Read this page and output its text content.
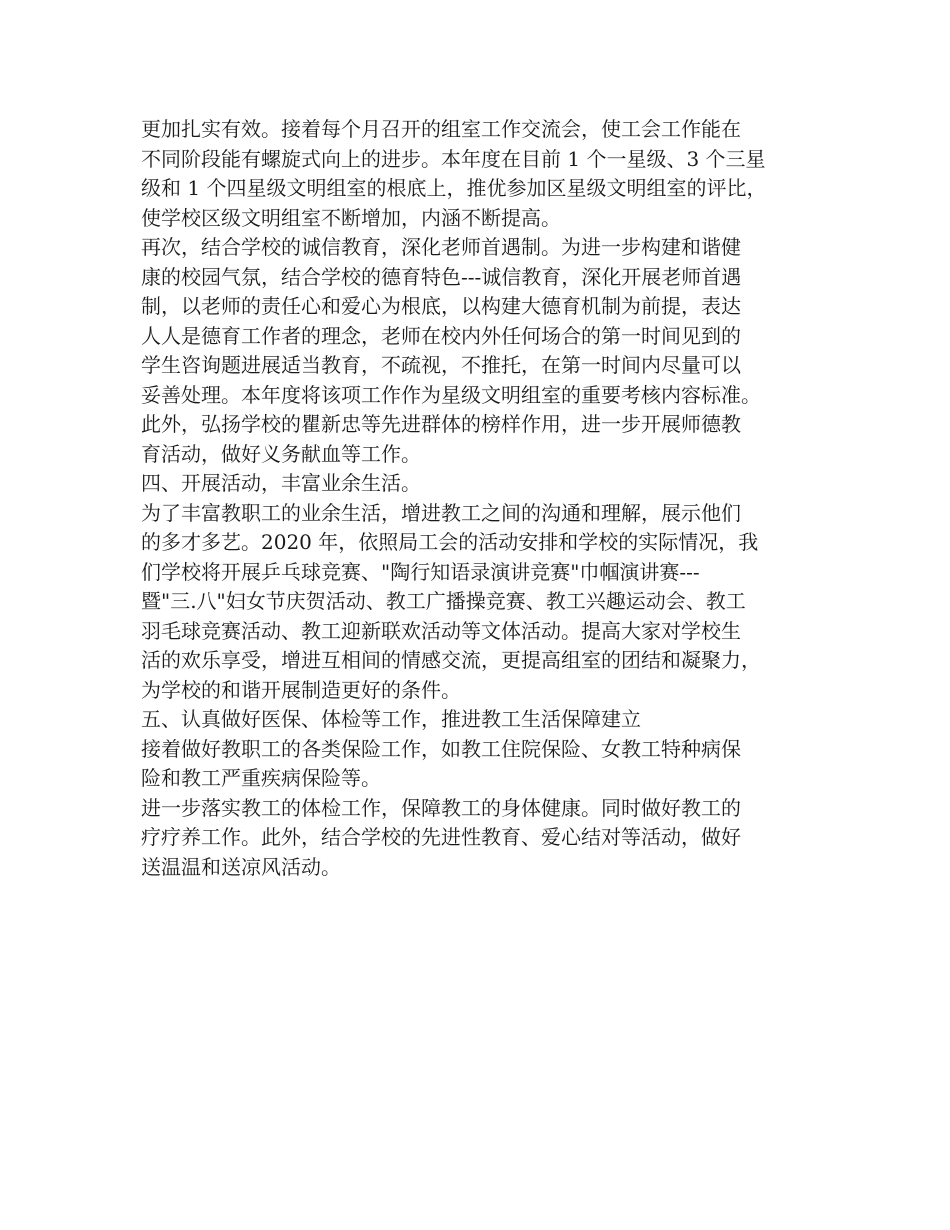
更加扎实有效。接着每个月召开的组室工作交流会，使工会工作能在
不同阶段能有螺旋式向上的进步。本年度在目前 1 个一星级、3 个三星
级和 1 个四星级文明组室的根底上，推优参加区星级文明组室的评比，
使学校区级文明组室不断增加，内涵不断提高。

再次，结合学校的诚信教育，深化老师首遇制。为进一步构建和谐健
康的校园气氛，结合学校的德育特色---诚信教育，深化开展老师首遇
制，以老师的责任心和爱心为根底，以构建大德育机制为前提，表达
人人是德育工作者的理念，老师在校内外任何场合的第一时间见到的
学生咨询题进展适当教育，不疏视，不推托，在第一时间内尽量可以
妥善处理。本年度将该项工作作为星级文明组室的重要考核内容标准。
此外，弘扬学校的瞿新忠等先进群体的榜样作用，进一步开展师德教
育活动，做好义务献血等工作。

四、开展活动，丰富业余生活。

为了丰富教职工的业余生活，增进教工之间的沟通和理解，展示他们
的多才多艺。2020 年，依照局工会的活动安排和学校的实际情况，我
们学校将开展乒乓球竞赛、"陶行知语录演讲竞赛"巾帼演讲赛---
暨"三.八"妇女节庆贺活动、教工广播操竞赛、教工兴趣运动会、教工
羽毛球竞赛活动、教工迎新联欢活动等文体活动。提高大家对学校生
活的欢乐享受，增进互相间的情感交流，更提高组室的团结和凝聚力，
为学校的和谐开展制造更好的条件。

五、认真做好医保、体检等工作，推进教工生活保障建立

接着做好教职工的各类保险工作，如教工住院保险、女教工特种病保
险和教工严重疾病保险等。

进一步落实教工的体检工作，保障教工的身体健康。同时做好教工的
疗疗养工作。此外，结合学校的先进性教育、爱心结对等活动，做好
送温温和送凉风活动。
